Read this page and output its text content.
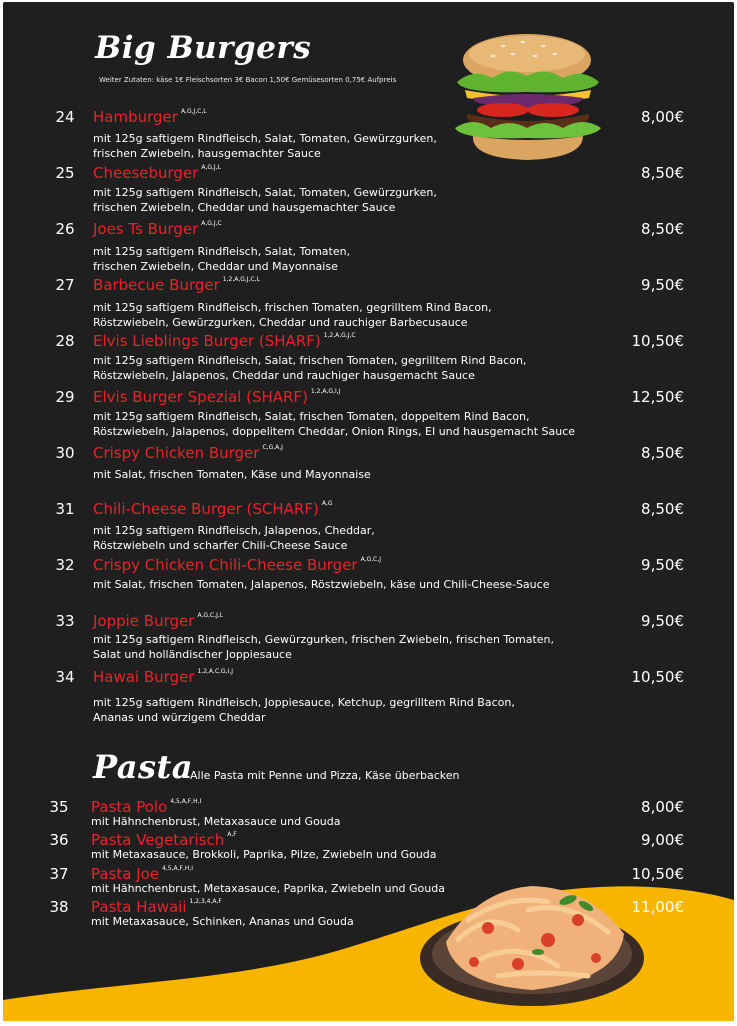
Big Burgers
Weiter Zutaten: käse 1€ Fleischsorten 3€ Bacon 1,50€ Gemüsesorten 0,75€ Aufpreis
24 Hamburger $^{A,G,J,C,L}$	8,00€
mit 125g saftigem Rindfleisch, Salat, Tomaten, Gewürzgurken,
frischen Zwiebeln, hausgemachter Sauce
25 Cheeseburger $^{A,G,J,L}$	8,50€
mit 125g saftigem Rindfleisch, Salat, Tomaten, Gewürzgurken,
frischen Zwiebeln, Cheddar und hausgemachter Sauce
26 Joes Ts Burger $^{A,G,J,C}$	8,50€
mit 125g saftigem Rindfleisch, Salat, Tomaten,
frischen Zwiebeln, Cheddar und Mayonnaise
27 Barbecue Burger $^{1,2,A,G,J,C,L}$	9,50€
mit 125g saftigem Rindfleisch, frischen Tomaten, gegrilltem Rind Bacon,
Röstzwiebeln, Gewürzgurken, Cheddar und rauchiger Barbecusauce
28 Elvis Lieblings Burger (SHARF) $^{1,2,A,G,J,C}$	10,50€
mit 125g saftigem Rindfleisch, Salat, frischen Tomaten, gegrilltem Rind Bacon,
Röstzwiebeln, Jalapenos, Cheddar und rauchiger hausgemacht Sauce
29 Elvis Burger Spezial (SHARF) $^{1,2,A,G,I,J}$	12,50€
mit 125g saftigem Rindfleisch, Salat, frischen Tomaten, doppeltem Rind Bacon,
Röstzwiebeln, Jalapenos, doppelitem Cheddar, Onion Rings, EI und hausgemacht Sauce
30 Crispy Chicken Burger $^{C,G,A,J}$	8,50€
mit Salat, frischen Tomaten, Käse und Mayonnaise
31 Chili-Cheese Burger (SCHARF) $^{A,G}$	8,50€
mit 125g saftigem Rindfleisch, Jalapenos, Cheddar,
Röstzwiebeln und scharfer Chili-Cheese Sauce
32 Crispy Chicken Chili-Cheese Burger $^{A,G,C,J}$	9,50€
mit Salat, frischen Tomaten, Jalapenos, Röstzwiebeln, käse und Chili-Cheese-Sauce
33 Joppie Burger $^{A,G,C,J,L}$	9,50€
mit 125g saftigem Rindfleisch, Gewürzgurken, frischen Zwiebeln, frischen Tomaten,
Salat und holländischer Joppiesauce
34 Hawai Burger $^{1,2,A,C,G,I,J}$	10,50€
mit 125g saftigem Rindfleisch, Joppiesauce, Ketchup, gegrilltem Rind Bacon,
Ananas und würzigem Cheddar
Pasta
Alle Pasta mit Penne und Pizza, Käse überbacken
35 Pasta Polo $^{4,5,A,F,H,I}$	8,00€
mit Hähnchenbrust, Metaxasauce und Gouda
36 Pasta Vegetarisch $^{A,F}$	9,00€
mit Metaxasauce, Brokkoli, Paprika, Pilze, Zwiebeln und Gouda
37 Pasta Joe $^{4,5,A,F,H,I}$	10,50€
mit Hähnchenbrust, Metaxasauce, Paprika, Zwiebeln und Gouda
38 Pasta Hawaii $^{1,2,3,4,A,F}$	11,00€
mit Metaxasauce, Schinken, Ananas und Gouda
